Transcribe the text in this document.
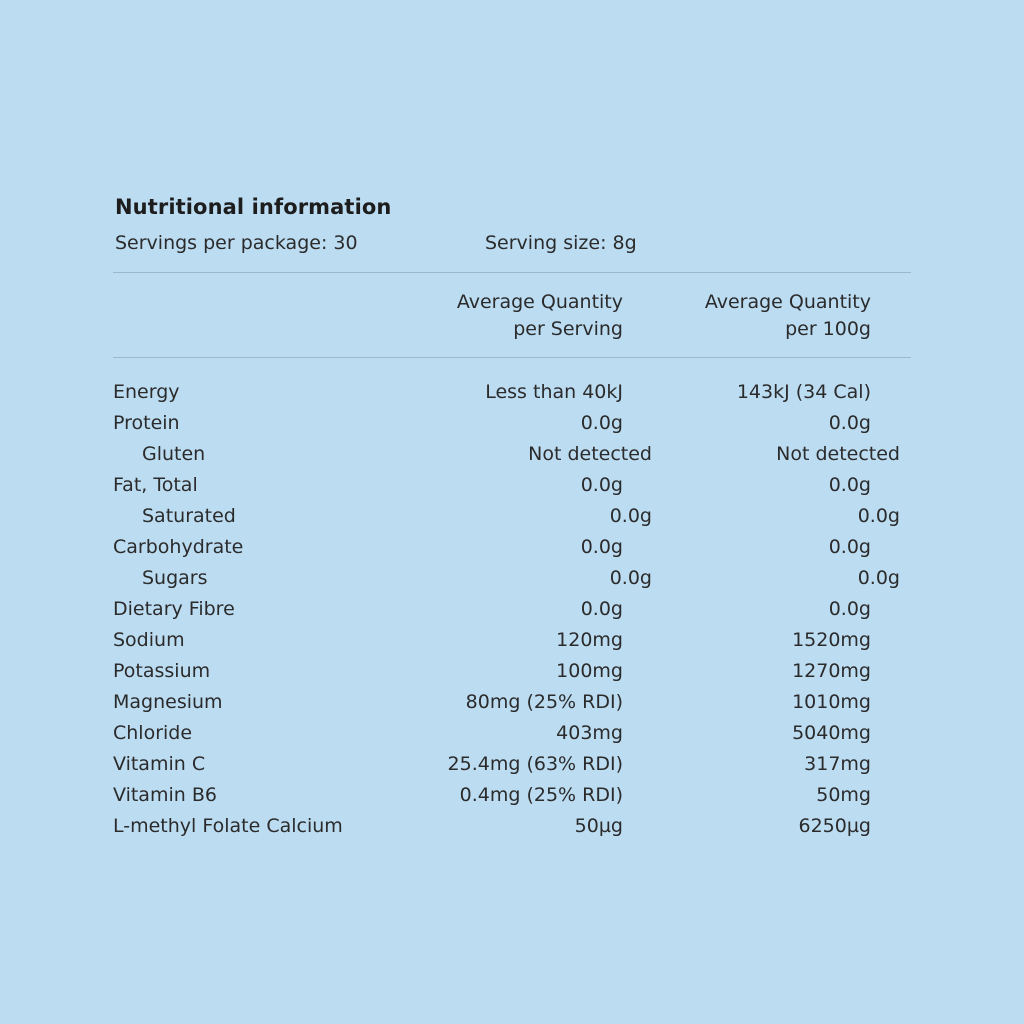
Nutritional information
Servings per package: 30	Serving size: 8g
Average Quantity
per Serving
Average Quantity
per 100g
Energy	Less than 40kJ	143kJ (34 Cal)
Protein	0.0g	0.0g
Gluten	Not detected	Not detected
Fat, Total	0.0g	0.0g
Saturated	0.0g	0.0g
Carbohydrate	0.0g	0.0g
Sugars	0.0g	0.0g
Dietary Fibre	0.0g	0.0g
Sodium	120mg	1520mg
Potassium	100mg	1270mg
Magnesium	80mg (25% RDI)	1010mg
Chloride	403mg	5040mg
Vitamin C	25.4mg (63% RDI)	317mg
Vitamin B6	0.4mg (25% RDI)	50mg
L-methyl Folate Calcium	50µg	6250µg
